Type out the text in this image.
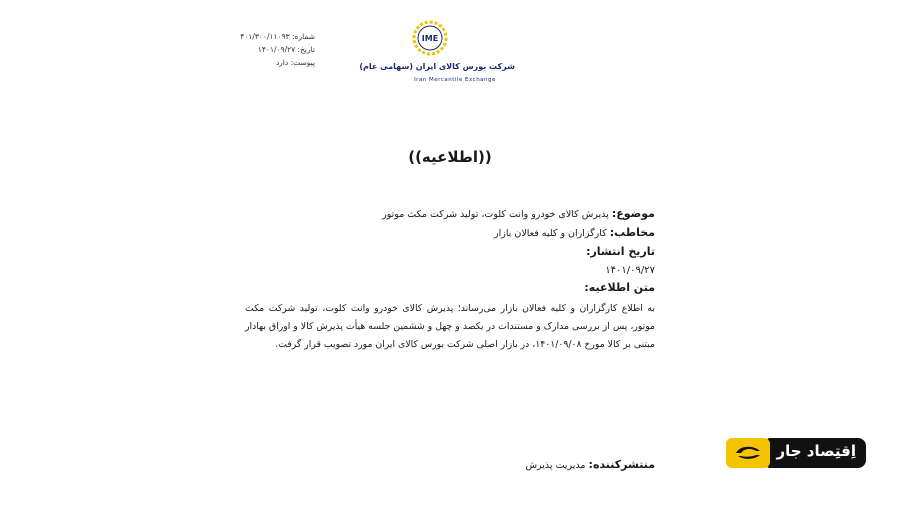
شماره: ۴۰۱/۳۰۰/۱۱۰۹۳
تاریخ: ۱۴۰۱/۰۹/۲۷
پیوست: دارد
IME
شرکت بورس کالای ایران (سهامی عام)
Iran Mercantile Exchange
((اطلاعیه))
موضوع: پذیرش کالای خودرو وانت کلوت، تولید شرکت مکث موتور
مخاطب: کارگزاران و کلیه فعالان بازار
تاریخ انتشار:
۱۴۰۱/۰۹/۲۷
متن اطلاعیه:
به اطلاع کارگزاران و کلیه فعالان بازار می‌رساند؛ پذیرش کالای خودرو وانت کلوت، تولید شرکت مکث موتور، پس از بررسی مدارک و مستندات در یکصد و چهل و ششمین جلسه هیأت پذیرش کالا و اوراق بهادار مبتنی بر کالا مورخ ۱۴۰۱/۰۹/۰۸، در بازار اصلی شرکت بورس کالای ایران مورد تصویب قرار گرفت.
منتشرکننده: مدیریت پذیرش
اِقتِصاد جار
